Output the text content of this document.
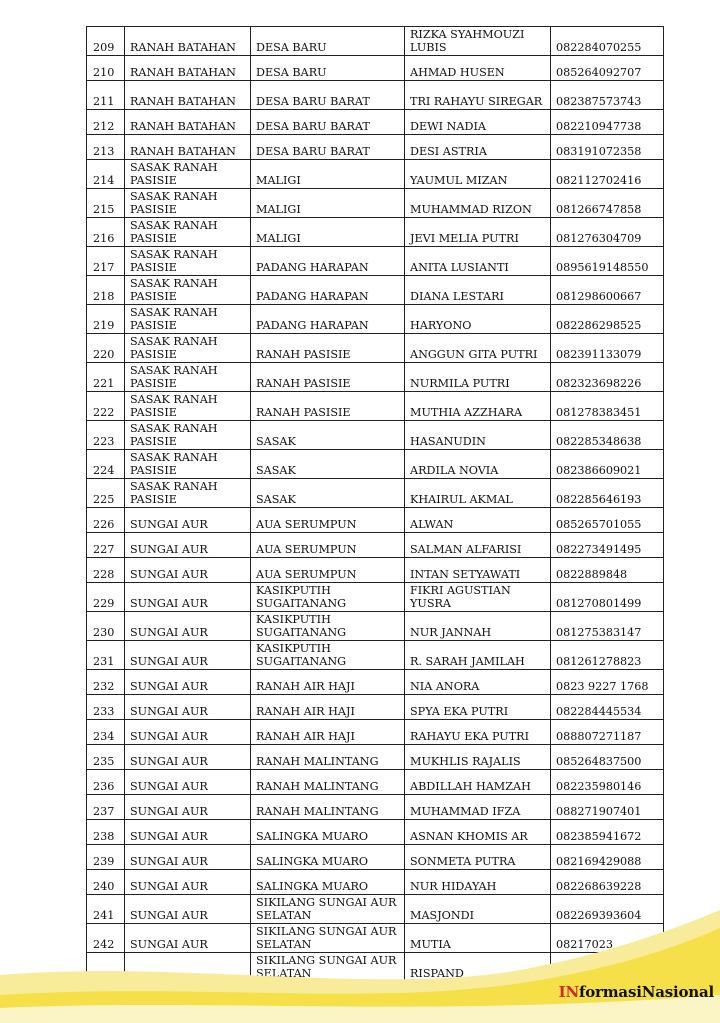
209	RANAH BATAHAN	DESA BARU	RIZKA SYAHMOUZI LUBIS	082284070255
210	RANAH BATAHAN	DESA BARU	AHMAD HUSEN	085264092707
211	RANAH BATAHAN	DESA BARU BARAT	TRI RAHAYU SIREGAR	082387573743
212	RANAH BATAHAN	DESA BARU BARAT	DEWI NADIA	082210947738
213	RANAH BATAHAN	DESA BARU BARAT	DESI ASTRIA	083191072358
214	SASAK RANAH PASISIE	MALIGI	YAUMUL MIZAN	082112702416
215	SASAK RANAH PASISIE	MALIGI	MUHAMMAD RIZON	081266747858
216	SASAK RANAH PASISIE	MALIGI	JEVI MELIA PUTRI	081276304709
217	SASAK RANAH PASISIE	PADANG HARAPAN	ANITA LUSIANTI	0895619148550
218	SASAK RANAH PASISIE	PADANG HARAPAN	DIANA LESTARI	081298600667
219	SASAK RANAH PASISIE	PADANG HARAPAN	HARYONO	082286298525
220	SASAK RANAH PASISIE	RANAH PASISIE	ANGGUN GITA PUTRI	082391133079
221	SASAK RANAH PASISIE	RANAH PASISIE	NURMILA PUTRI	082323698226
222	SASAK RANAH PASISIE	RANAH PASISIE	MUTHIA AZZHARA	081278383451
223	SASAK RANAH PASISIE	SASAK	HASANUDIN	082285348638
224	SASAK RANAH PASISIE	SASAK	ARDILA NOVIA	082386609021
225	SASAK RANAH PASISIE	SASAK	KHAIRUL AKMAL	082285646193
226	SUNGAI AUR	AUA SERUMPUN	ALWAN	085265701055
227	SUNGAI AUR	AUA SERUMPUN	SALMAN ALFARISI	082273491495
228	SUNGAI AUR	AUA SERUMPUN	INTAN SETYAWATI	0822889848
229	SUNGAI AUR	KASIKPUTIH SUGAITANANG	FIKRI AGUSTIAN YUSRA	081270801499
230	SUNGAI AUR	KASIKPUTIH SUGAITANANG	NUR JANNAH	081275383147
231	SUNGAI AUR	KASIKPUTIH SUGAITANANG	R. SARAH JAMILAH	081261278823
232	SUNGAI AUR	RANAH AIR HAJI	NIA ANORA	0823 9227 1768
233	SUNGAI AUR	RANAH AIR HAJI	SPYA EKA PUTRI	082284445534
234	SUNGAI AUR	RANAH AIR HAJI	RAHAYU EKA PUTRI	088807271187
235	SUNGAI AUR	RANAH MALINTANG	MUKHLIS RAJALIS	085264837500
236	SUNGAI AUR	RANAH MALINTANG	ABDILLAH HAMZAH	082235980146
237	SUNGAI AUR	RANAH MALINTANG	MUHAMMAD IFZA	088271907401
238	SUNGAI AUR	SALINGKA MUARO	ASNAN KHOMIS AR	082385941672
239	SUNGAI AUR	SALINGKA MUARO	SONMETA PUTRA	082169429088
240	SUNGAI AUR	SALINGKA MUARO	NUR HIDAYAH	082268639228
241	SUNGAI AUR	SIKILANG SUNGAI AUR SELATAN	MASJONDI	082269393604
242	SUNGAI AUR	SIKILANG SUNGAI AUR SELATAN	MUTIA	08217023
		SIKILANG SUNGAI AUR SELATAN	RISPAND	
INformasiNasional
